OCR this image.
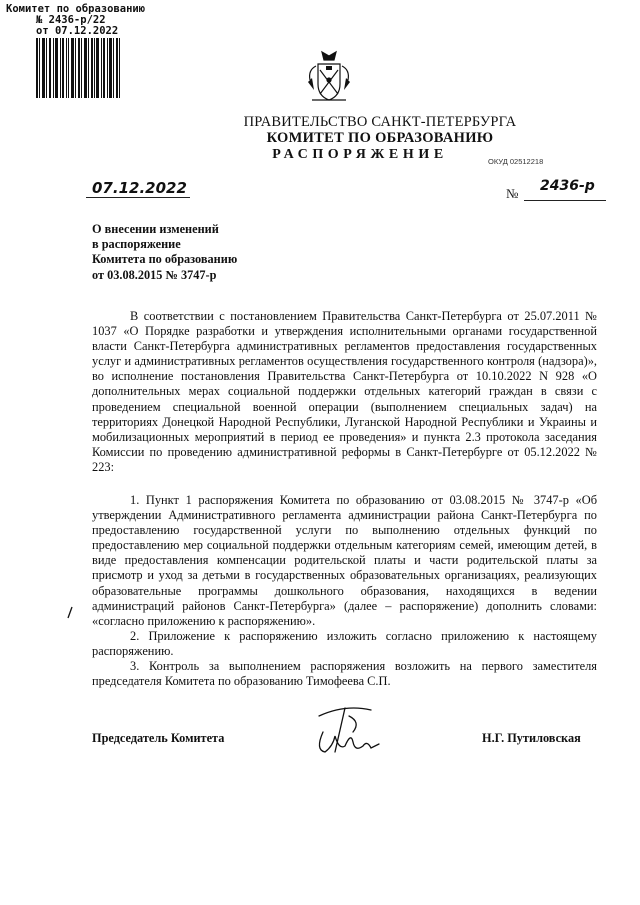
Комитет по образованию
№ 2436-р/22
от 07.12.2022
ПРАВИТЕЛЬСТВО САНКТ-ПЕТЕРБУРГА
КОМИТЕТ ПО ОБРАЗОВАНИЮ
РАСПОРЯЖЕНИЕ	ОКУД 02512218
07.12.2022	№ 2436-р
О внесении изменений
в распоряжение
Комитета по образованию
от 03.08.2015 № 3747-р

В соответствии с постановлением Правительства Санкт-Петербурга от 25.07.2011 № 1037 «О Порядке разработки и утверждения исполнительными органами государственной власти Санкт-Петербурга административных регламентов предоставления государственных услуг и административных регламентов осуществления государственного контроля (надзора)», во исполнение постановления Правительства Санкт-Петербурга от 10.10.2022 N 928 «О дополнительных мерах социальной поддержки отдельных категорий граждан в связи с проведением специальной военной операции (выполнением специальных задач) на территориях Донецкой Народной Республики, Луганской Народной Республики и Украины и мобилизационных мероприятий в период ее проведения» и пункта 2.3 протокола заседания Комиссии по проведению административной реформы в Санкт-Петербурге от 05.12.2022 № 223:

1. Пункт 1 распоряжения Комитета по образованию от 03.08.2015 № 3747-р «Об утверждении Административного регламента администрации района Санкт-Петербурга по предоставлению государственной услуги по выполнению отдельных функций по предоставлению мер социальной поддержки отдельным категориям семей, имеющим детей, в виде предоставления компенсации родительской платы и части родительской платы за присмотр и уход за детьми в государственных образовательных организациях, реализующих образовательные программы дошкольного образования, находящихся в ведении администраций районов Санкт-Петербурга» (далее – распоряжение) дополнить словами: «согласно приложению к распоряжению».

2. Приложение к распоряжению изложить согласно приложению к настоящему распоряжению.

3. Контроль за выполнением распоряжения возложить на первого заместителя председателя Комитета по образованию Тимофеева С.П.

Председатель Комитета	Н.Г. Путиловская
